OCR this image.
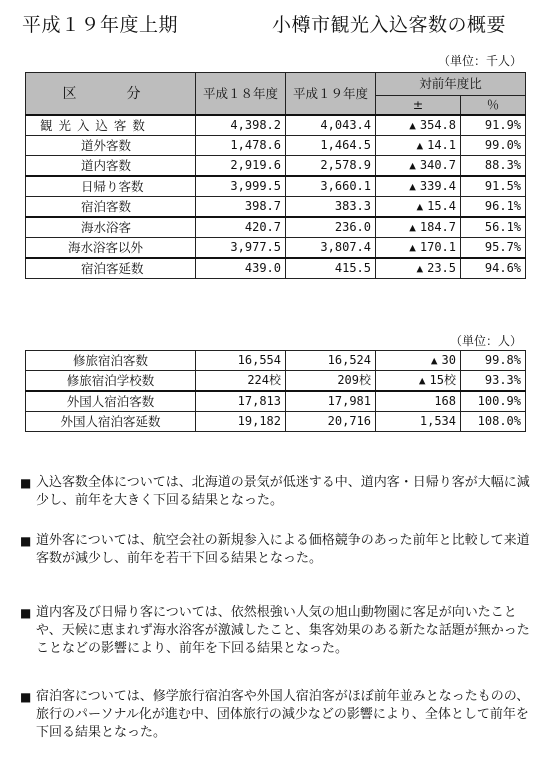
平成１９年度上期	小樽市観光入込客数の概要
（単位：千人）
区　分	平成１８年度	平成１９年度	対前年度比	
			±	％
観 光 入 込 客 数	4,398.2	4,043.4	▲ 354.8	91.9%
道外客数	1,478.6	1,464.5	▲ 14.1	99.0%
道内客数	2,919.6	2,578.9	▲ 340.7	88.3%
日帰り客数	3,999.5	3,660.1	▲ 339.4	91.5%
宿泊客数	398.7	383.3	▲ 15.4	96.1%
海水浴客	420.7	236.0	▲ 184.7	56.1%
海水浴客以外	3,977.5	3,807.4	▲ 170.1	95.7%
宿泊客延数	439.0	415.5	▲ 23.5	94.6%
（単位：人）
修旅宿泊客数	16,554	16,524	▲ 30	99.8%
修旅宿泊学校数	224校	209校	▲ 15校	93.3%
外国人宿泊客数	17,813	17,981	168	100.9%
外国人宿泊客延数	19,182	20,716	1,534	108.0%
■ 入込客数全体については、北海道の景気が低迷する中、道内客・日帰り客が大幅に減少し、前年を大きく下回る結果となった。
■ 道外客については、航空会社の新規参入による価格競争のあった前年と比較して来道客数が減少し、前年を若干下回る結果となった。
■ 道内客及び日帰り客については、依然根強い人気の旭山動物園に客足が向いたことや、天候に恵まれず海水浴客が激減したこと、集客効果のある新たな話題が無かったことなどの影響により、前年を下回る結果となった。
■ 宿泊客については、修学旅行宿泊客や外国人宿泊客がほぼ前年並みとなったものの、旅行のパーソナル化が進む中、団体旅行の減少などの影響により、全体として前年を下回る結果となった。
